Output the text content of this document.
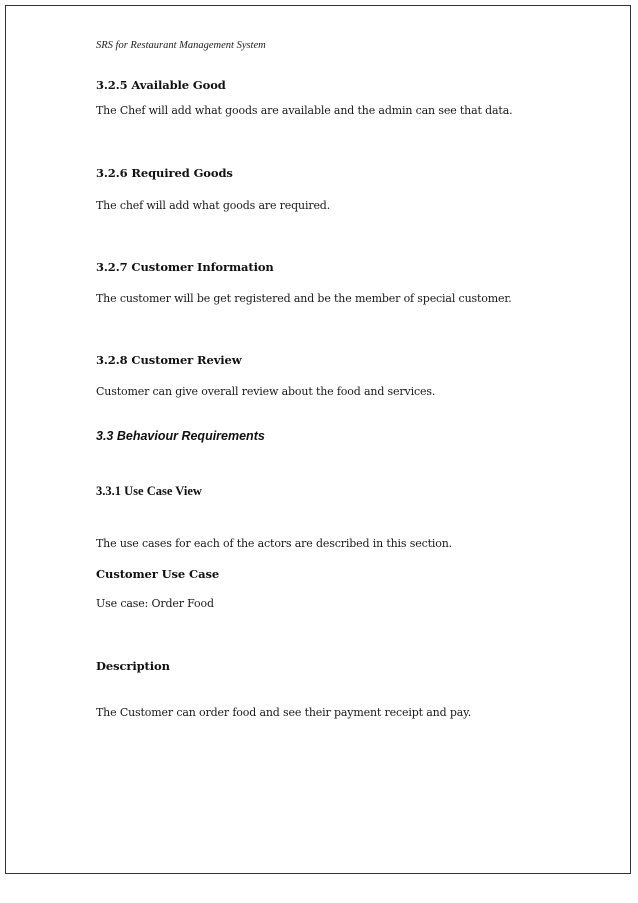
SRS for Restaurant Management System
3.2.5 Available Good
The Chef will add what goods are available and the admin can see that data.
3.2.6 Required Goods
The chef will add what goods are required.
3.2.7 Customer Information
The customer will be get registered and be the member of special customer.
3.2.8 Customer Review
Customer can give overall review about the food and services.
3.3 Behaviour Requirements
3.3.1 Use Case View
The use cases for each of the actors are described in this section.
Customer Use Case
Use case: Order Food
Description
The Customer can order food and see their payment receipt and pay.
